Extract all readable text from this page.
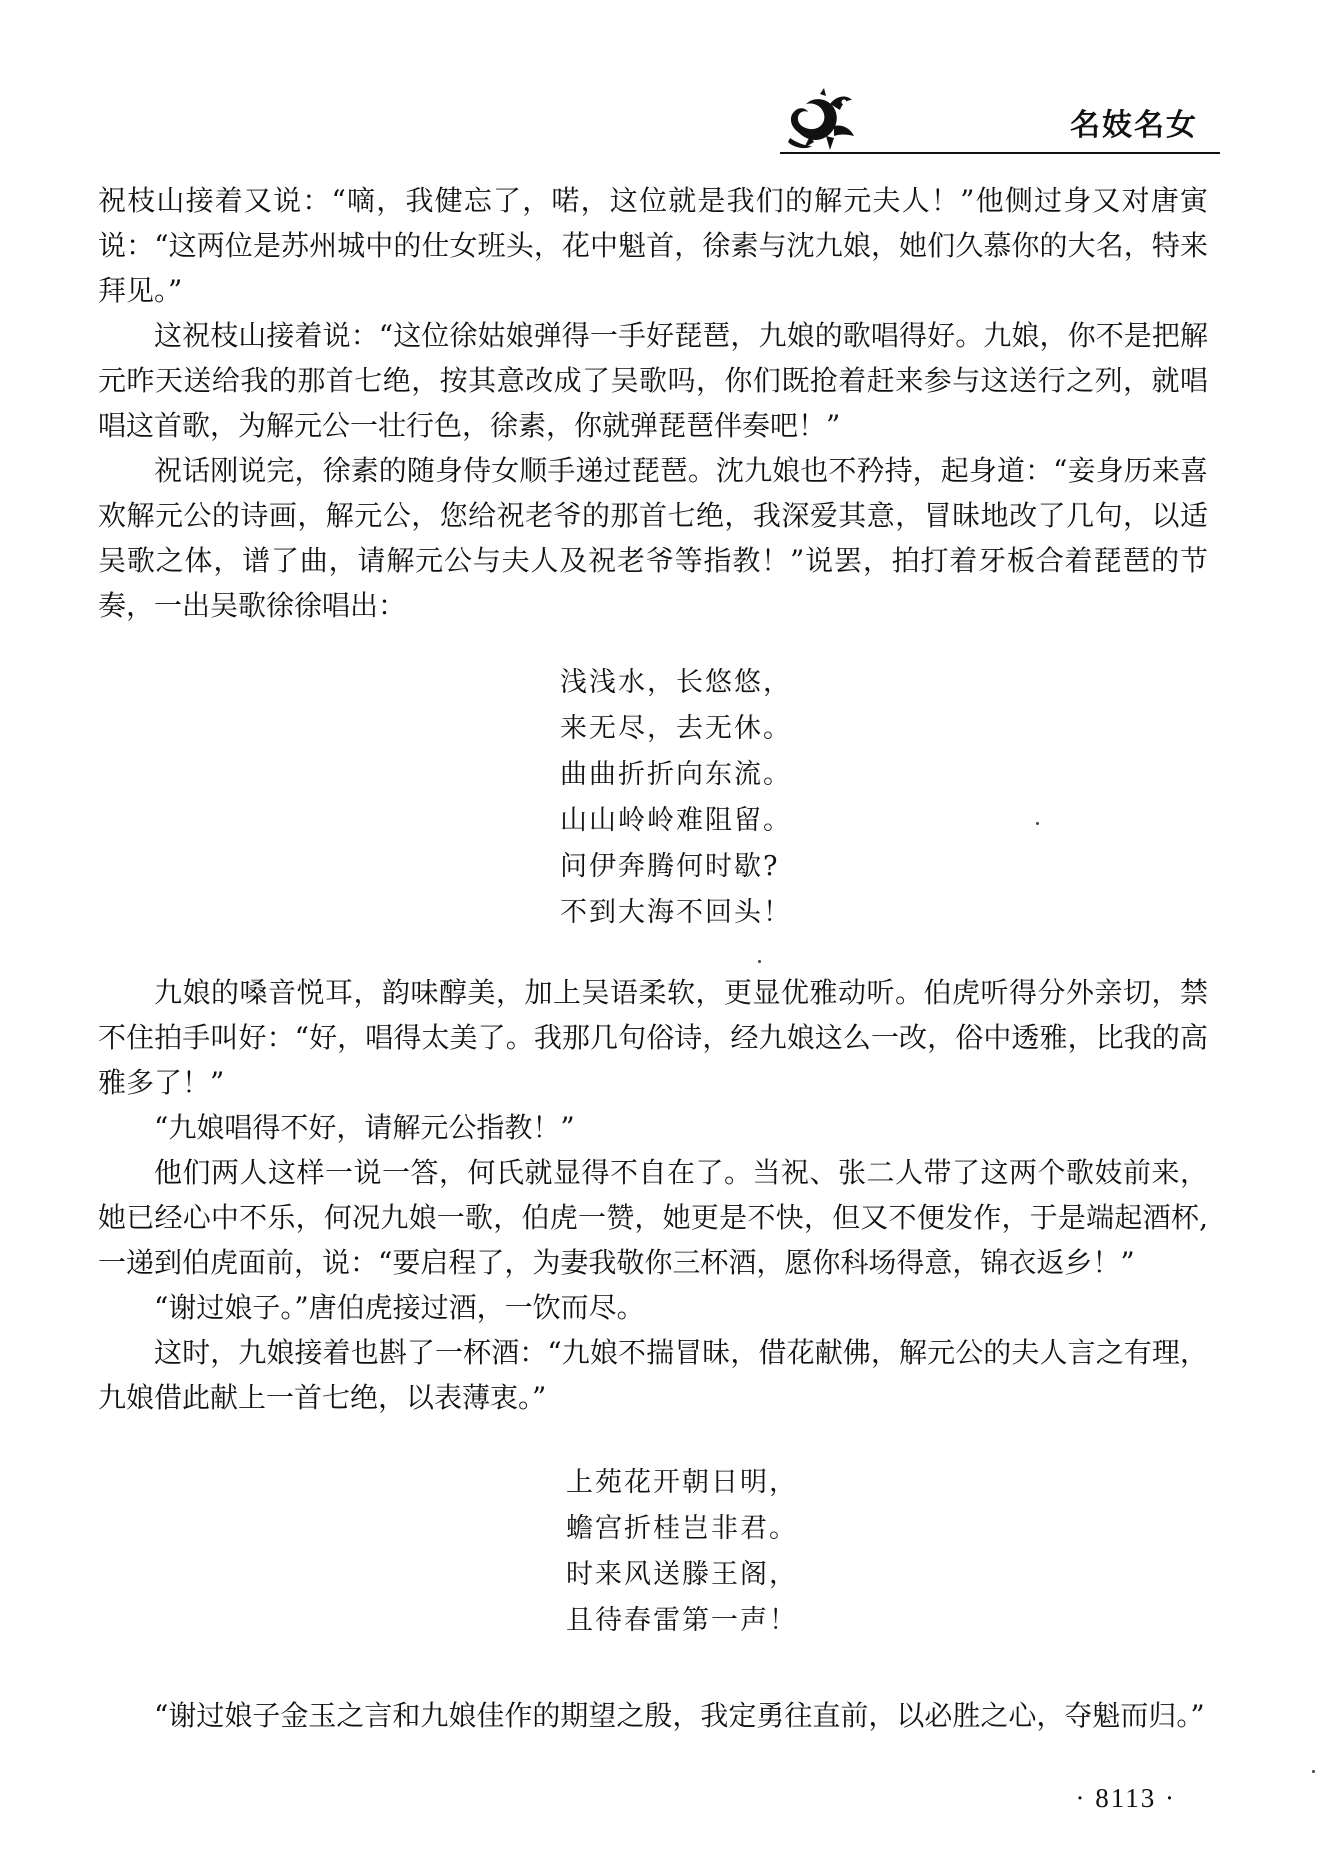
名妓名女

祝枝山接着又说：“嘀，我健忘了，喏，这位就是我们的解元夫人！”他侧过身又对唐寅说：“这两位是苏州城中的仕女班头，花中魁首，徐素与沈九娘，她们久慕你的大名，特来拜见。”

这祝枝山接着说：“这位徐姑娘弹得一手好琵琶，九娘的歌唱得好。九娘，你不是把解元昨天送给我的那首七绝，按其意改成了吴歌吗，你们既抢着赶来参与这送行之列，就唱唱这首歌，为解元公一壮行色，徐素，你就弹琵琶伴奏吧！”

祝话刚说完，徐素的随身侍女顺手递过琵琶。沈九娘也不矜持，起身道：“妾身历来喜欢解元公的诗画，解元公，您给祝老爷的那首七绝，我深爱其意，冒昧地改了几句，以适吴歌之体，谱了曲，请解元公与夫人及祝老爷等指教！”说罢，拍打着牙板合着琵琶的节奏，一出吴歌徐徐唱出：

浅浅水，长悠悠，
来无尽，去无休。
曲曲折折向东流。
山山岭岭难阻留。
问伊奔腾何时歇?
不到大海不回头！

九娘的嗓音悦耳，韵味醇美，加上吴语柔软，更显优雅动听。伯虎听得分外亲切，禁不住拍手叫好：“好，唱得太美了。我那几句俗诗，经九娘这么一改，俗中透雅，比我的高雅多了！”

“九娘唱得不好，请解元公指教！”

他们两人这样一说一答，何氏就显得不自在了。当祝、张二人带了这两个歌妓前来，她已经心中不乐，何况九娘一歌，伯虎一赞，她更是不快，但又不便发作，于是端起酒杯,一递到伯虎面前，说：“要启程了，为妻我敬你三杯酒，愿你科场得意，锦衣返乡！”

“谢过娘子。”唐伯虎接过酒，一饮而尽。

这时，九娘接着也斟了一杯酒：“九娘不揣冒昧，借花献佛，解元公的夫人言之有理，九娘借此献上一首七绝，以表薄衷。”

上苑花开朝日明，
蟾宫折桂岂非君。
时来风送滕王阁，
且待春雷第一声！

“谢过娘子金玉之言和九娘佳作的期望之殷，我定勇往直前，以必胜之心，夺魁而归。”

· 8113 ·
